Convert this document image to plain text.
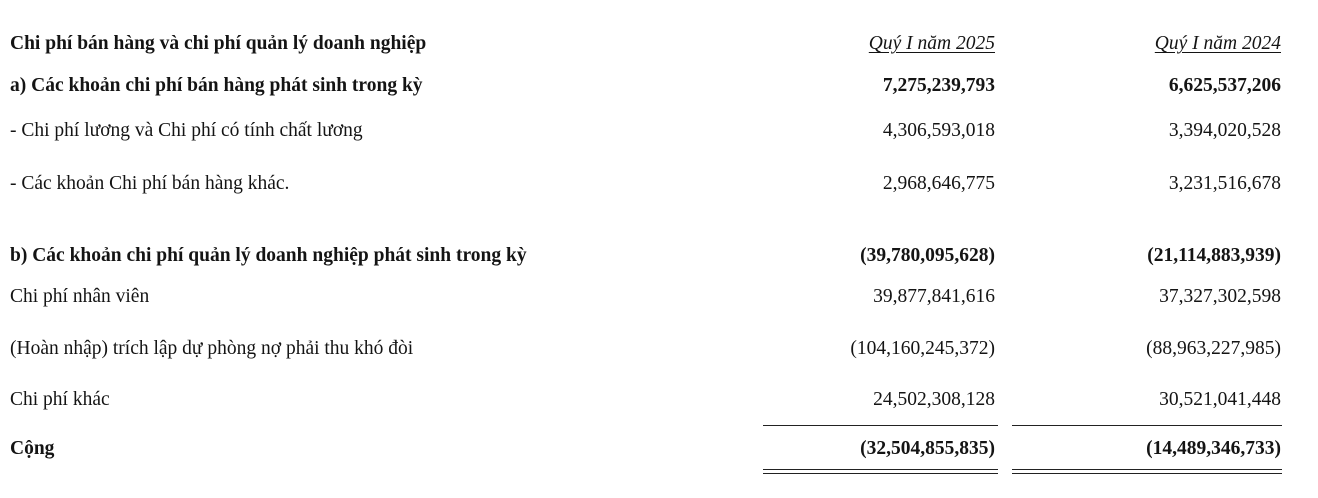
Chi phí bán hàng và chi phí quản lý doanh nghiệp	Quý I năm 2025	Quý I năm 2024
a) Các khoản chi phí bán hàng phát sinh trong kỳ	7,275,239,793	6,625,537,206
- Chi phí lương và Chi phí có tính chất lương	4,306,593,018	3,394,020,528
- Các khoản Chi phí bán hàng khác.	2,968,646,775	3,231,516,678
b) Các khoản chi phí quản lý doanh nghiệp phát sinh trong kỳ	(39,780,095,628)	(21,114,883,939)
Chi phí nhân viên	39,877,841,616	37,327,302,598
(Hoàn nhập) trích lập dự phòng nợ phải thu khó đòi	(104,160,245,372)	(88,963,227,985)
Chi phí khác	24,502,308,128	30,521,041,448
Cộng	(32,504,855,835)	(14,489,346,733)
